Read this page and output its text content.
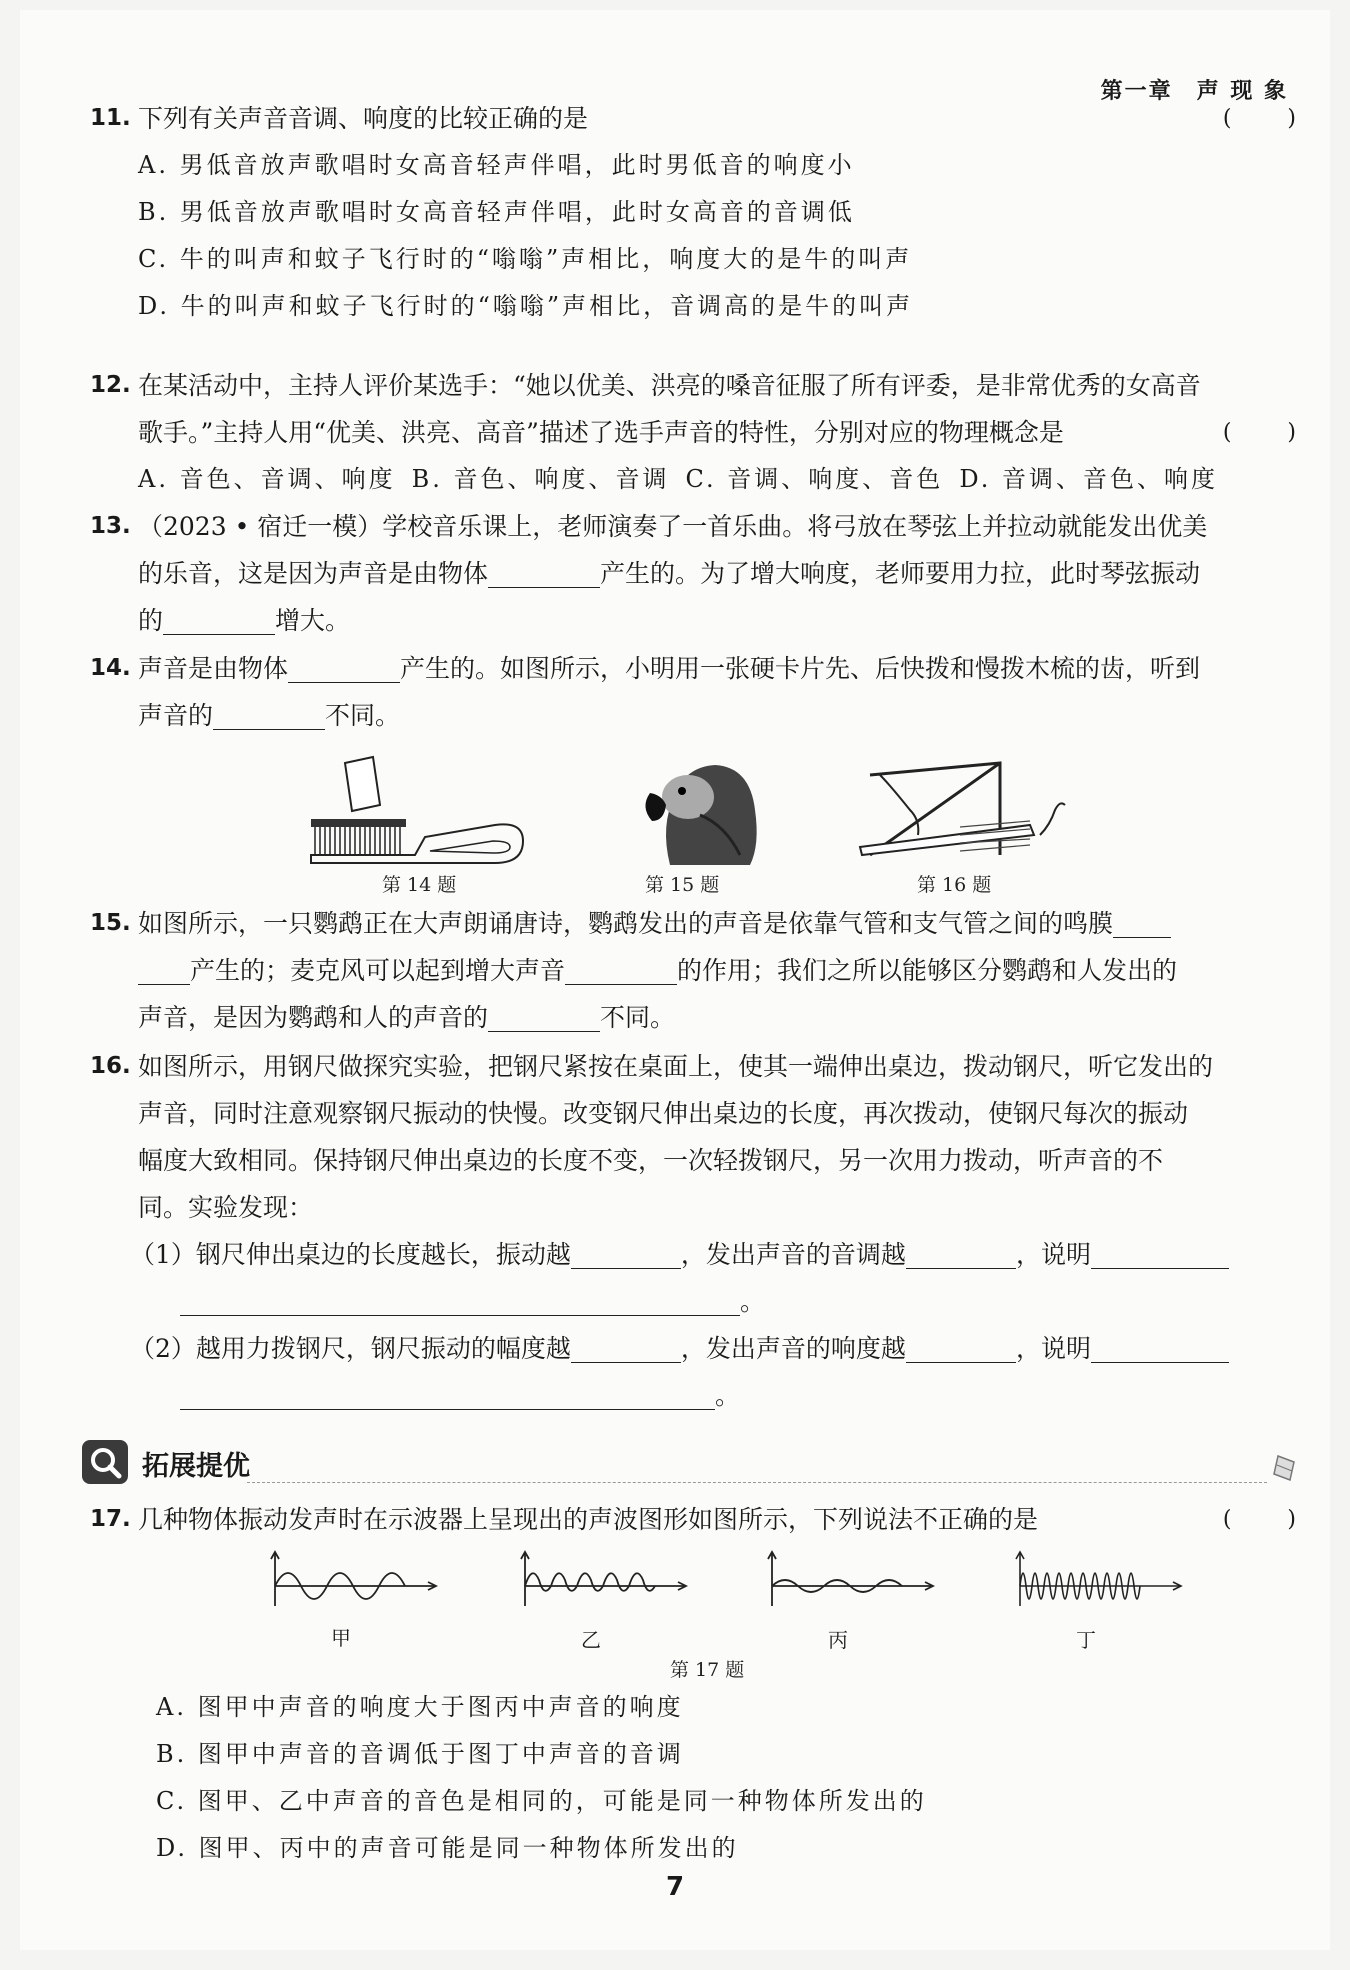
第一章　声 现 象
11. 下列有关声音音调、响度的比较正确的是
A. 男低音放声歌唱时女高音轻声伴唱，此时男低音的响度小
B. 男低音放声歌唱时女高音轻声伴唱，此时女高音的音调低
C. 牛的叫声和蚊子飞行时的“嗡嗡”声相比，响度大的是牛的叫声
D. 牛的叫声和蚊子飞行时的“嗡嗡”声相比，音调高的是牛的叫声
(　　)
12. 在某活动中，主持人评价某选手：“她以优美、洪亮的嗓音征服了所有评委，是非常优秀的女高音
歌手。”主持人用“优美、洪亮、高音”描述了选手声音的特性，分别对应的物理概念是
A. 音色、音调、响度 B. 音色、响度、音调 C. 音调、响度、音色 D. 音调、音色、响度
(　　)
13. （2023 • 宿迁一模）学校音乐课上，老师演奏了一首乐曲。将弓放在琴弦上并拉动就能发出优美
的乐音，这是因为声音是由物体	产生的。为了增大响度，老师要用力拉，此时琴弦振动
的	增大。
14. 声音是由物体	产生的。如图所示，小明用一张硬卡片先、后快拨和慢拨木梳的齿，听到
声音的	不同。
第 14 题	第 15 题	第 16 题
15. 如图所示，一只鹦鹉正在大声朗诵唐诗，鹦鹉发出的声音是依靠气管和支气管之间的鸣膜
产生的；麦克风可以起到增大声音	的作用；我们之所以能够区分鹦鹉和人发出的
声音，是因为鹦鹉和人的声音的	不同。
16. 如图所示，用钢尺做探究实验，把钢尺紧按在桌面上，使其一端伸出桌边，拨动钢尺，听它发出的
声音，同时注意观察钢尺振动的快慢。改变钢尺伸出桌边的长度，再次拨动，使钢尺每次的振动
幅度大致相同。保持钢尺伸出桌边的长度不变，一次轻拨钢尺，另一次用力拨动，听声音的不
同。实验发现：
（1）钢尺伸出桌边的长度越长，振动越	，发出声音的音调越	，说明
。
（2）越用力拨钢尺，钢尺振动的幅度越	，发出声音的响度越	，说明
。
拓展提优
17. 几种物体振动发声时在示波器上呈现出的声波图形如图所示，下列说法不正确的是	(　　)
甲	乙	丙	丁
第 17 题
A. 图甲中声音的响度大于图丙中声音的响度
B. 图甲中声音的音调低于图丁中声音的音调
C. 图甲、乙中声音的音色是相同的，可能是同一种物体所发出的
D. 图甲、丙中的声音可能是同一种物体所发出的
7
